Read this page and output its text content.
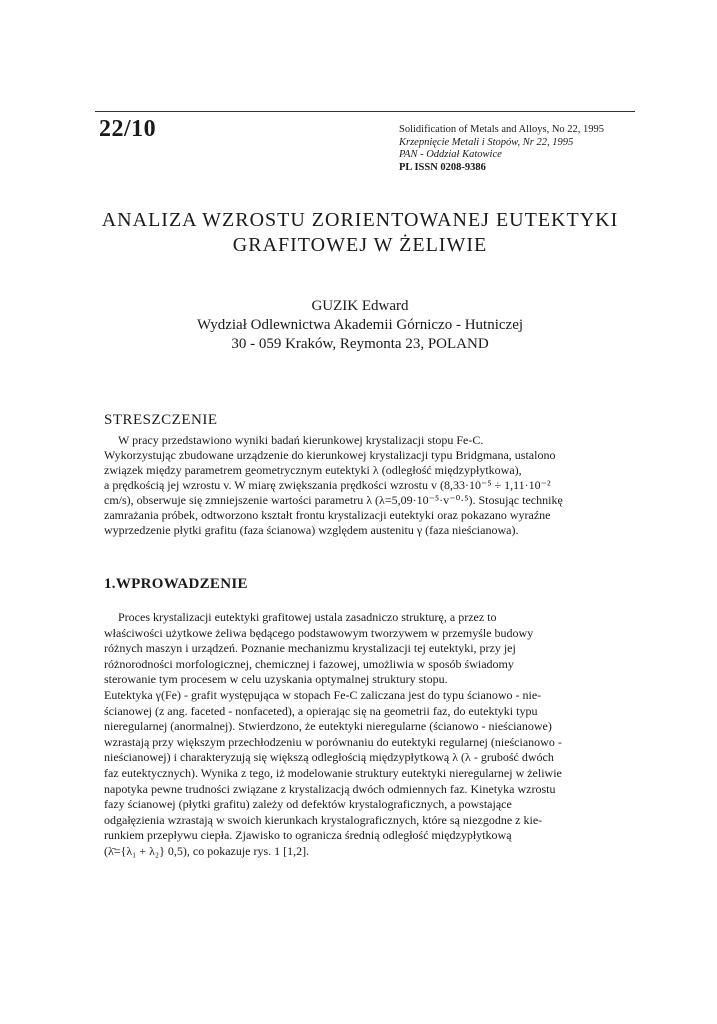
22/10	Solidification of Metals and Alloys, No 22, 1995
Krzepnięcie Metali i Stopów, Nr 22, 1995
PAN - Oddział Katowice
PL ISSN 0208-9386
ANALIZA WZROSTU ZORIENTOWANEJ EUTEKTYKI
GRAFITOWEJ W ŻELIWIE
GUZIK Edward
Wydział Odlewnictwa Akademii Górniczo - Hutniczej
30 - 059 Kraków, Reymonta 23, POLAND
STRESZCZENIE
W pracy przedstawiono wyniki badań kierunkowej krystalizacji stopu Fe-C.
Wykorzystując zbudowane urządzenie do kierunkowej krystalizacji typu Bridgmana, ustalono
związek między parametrem geometrycznym eutektyki λ (odległość międzypłytkowa),
a prędkością jej wzrostu v. W miarę zwiększania prędkości wzrostu v (8,33·10⁻⁵ ÷ 1,11·10⁻²
cm/s), obserwuje się zmniejszenie wartości parametru λ (λ=5,09·10⁻⁵·v⁻⁰·⁵). Stosując technikę
zamrażania próbek, odtworzono kształt frontu krystalizacji eutektyki oraz pokazano wyraźne
wyprzedzenie płytki grafitu (faza ścianowa) względem austenitu γ (faza nieścianowa).
1.WPROWADZENIE
Proces krystalizacji eutektyki grafitowej ustala zasadniczo strukturę, a przez to
właściwości użytkowe żeliwa będącego podstawowym tworzywem w przemyśle budowy
różnych maszyn i urządzeń. Poznanie mechanizmu krystalizacji tej eutektyki, przy jej
różnorodności morfologicznej, chemicznej i fazowej, umożliwia w sposób świadomy
sterowanie tym procesem w celu uzyskania optymalnej struktury stopu.
Eutektyka γ(Fe) - grafit występująca w stopach Fe-C zaliczana jest do typu ścianowo - nie-
ścianowej (z ang. faceted - nonfaceted), a opierając się na geometrii faz, do eutektyki typu
nieregularnej (anormalnej). Stwierdzono, że eutektyki nieregularne (ścianowo - nieścianowe)
wzrastają przy większym przechłodzeniu w porównaniu do eutektyki regularnej (nieścianowo -
nieścianowej) i charakteryzują się większą odległością międzypłytkową λ (λ - grubość dwóch
faz eutektycznych). Wynika z tego, iż modelowanie struktury eutektyki nieregularnej w żeliwie
napotyka pewne trudności związane z krystalizacją dwóch odmiennych faz. Kinetyka wzrostu
fazy ścianowej (płytki grafitu) zależy od defektów krystalograficznych, a powstające
odgałęzienia wzrastają w swoich kierunkach krystalograficznych, które są niezgodne z kie-
runkiem przepływu ciepła. Zjawisko to ogranicza średnią odległość międzypłytkową
(λ̄={λ₁ + λ₂} 0,5), co pokazuje rys. 1 [1,2].
